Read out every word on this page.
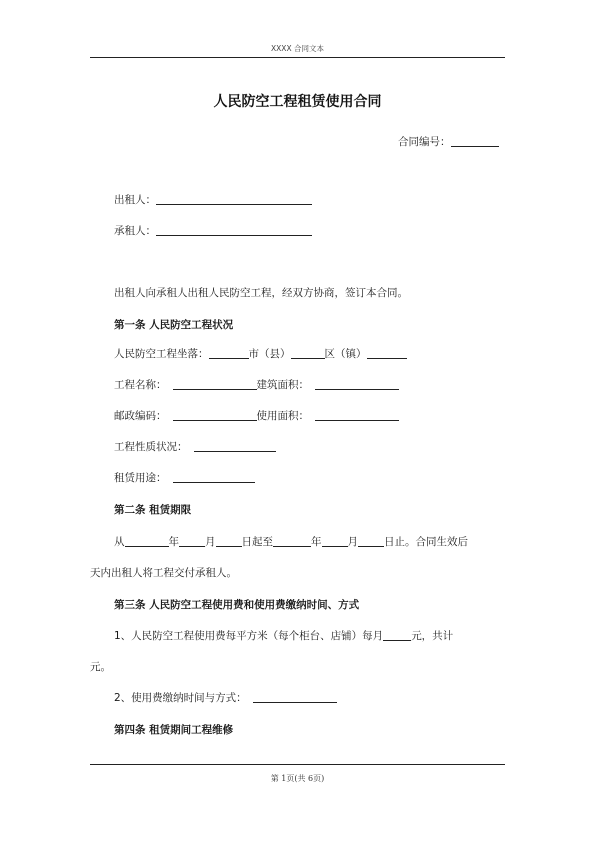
XXXX 合同文本
人民防空工程租赁使用合同
合同编号：
出租人：
承租人：
出租人向承租人出租人民防空工程，经双方协商，签订本合同。
第一条 人民防空工程状况
人民防空工程坐落：	市（县）	区（镇）
工程名称：	建筑面积：
邮政编码：	使用面积：
工程性质状况：
租赁用途：
第二条 租赁期限
从	年 月 日起至	年 月 日止。合同生效后
天内出租人将工程交付承租人。
第三条 人民防空工程使用费和使用费缴纳时间、方式
1、人民防空工程使用费每平方米（每个柜台、店铺）每月	元，共计
元。
2、使用费缴纳时间与方式：
第四条 租赁期间工程维修
第 1页(共 6页)
